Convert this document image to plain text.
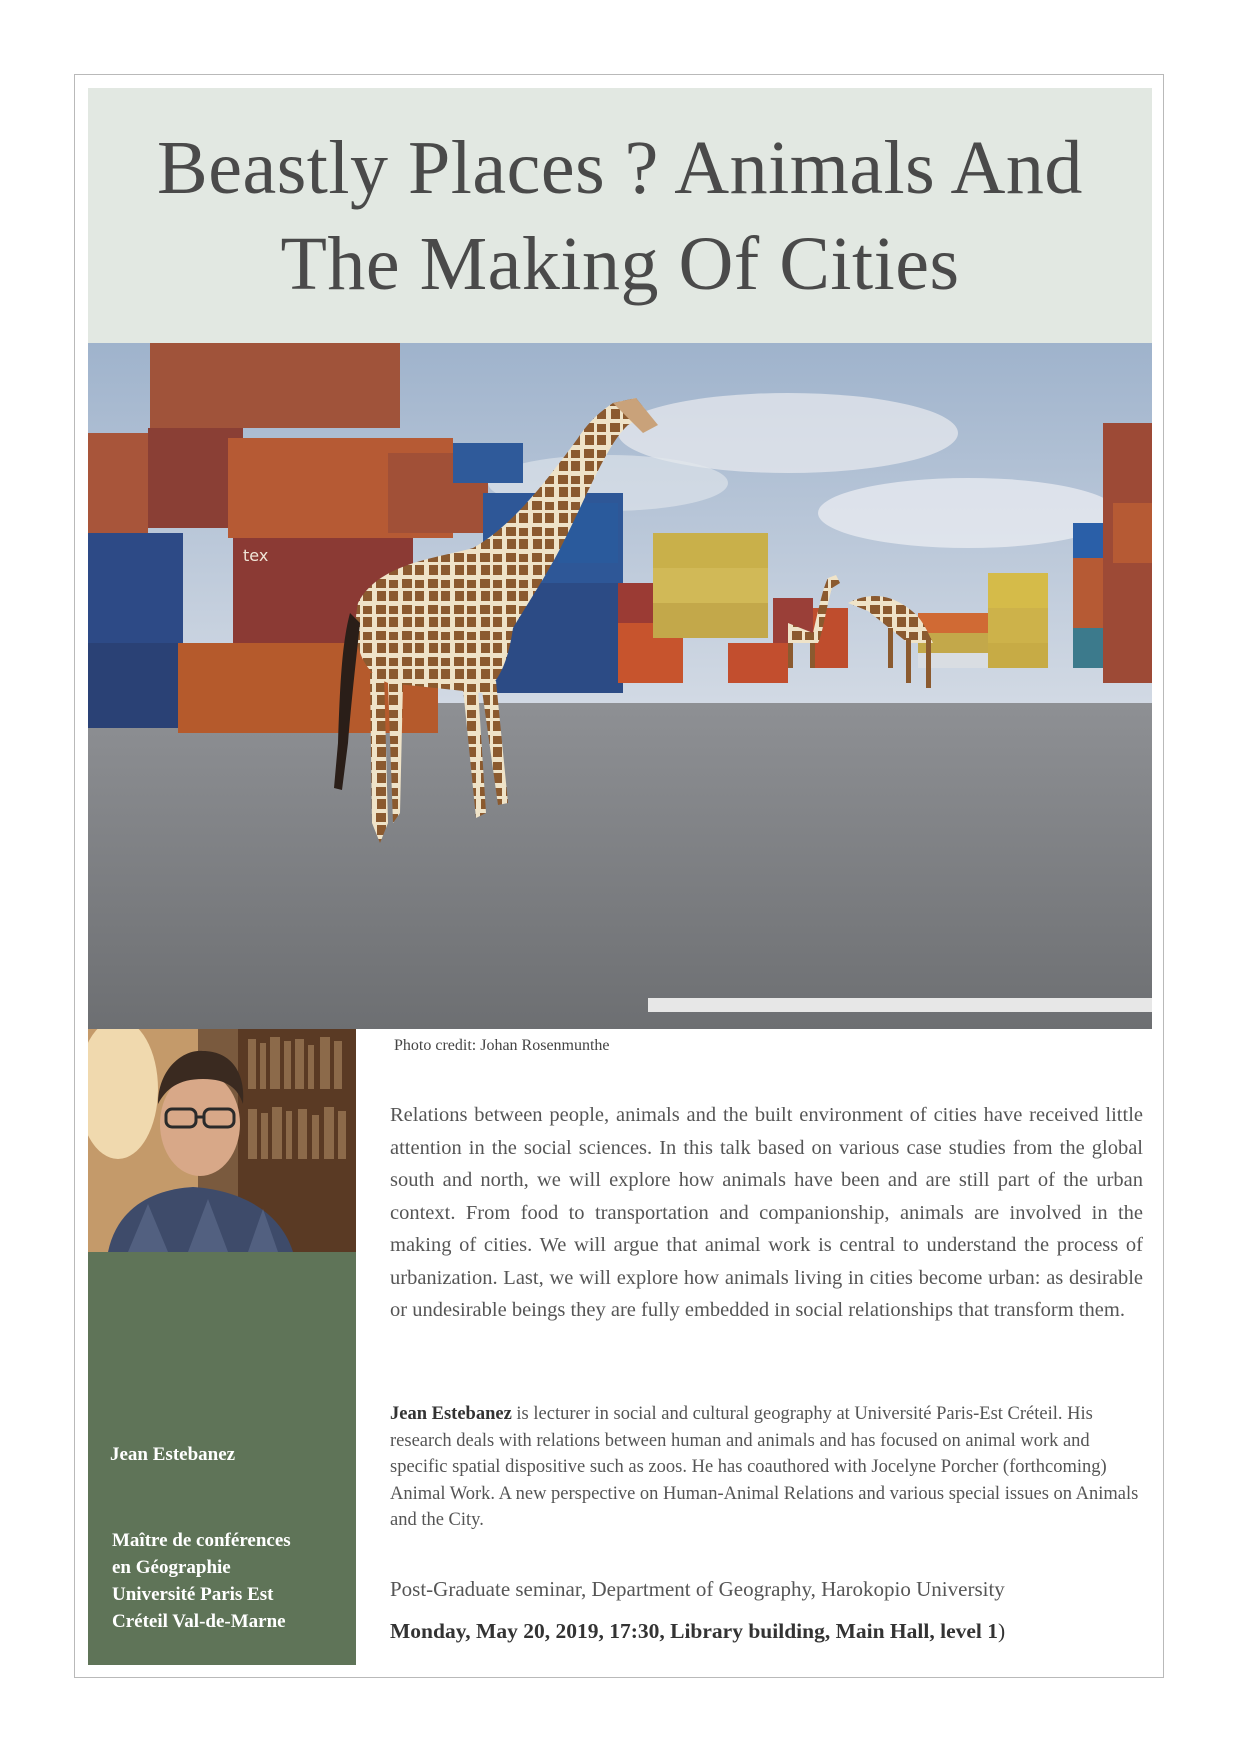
Beastly Places ? Animals And The Making Of Cities
tex
Jean Estebanez
Maître de conférences
en Géographie
Université Paris Est
Créteil Val-de-Marne
Photo credit: Johan Rosenmunthe
Relations between people, animals and the built environment of cities have received little attention in the social sciences. In this talk based on various case studies from the global south and north, we will explore how animals have been and are still part of the urban context. From food to transportation and companionship, animals are involved in the making of cities. We will argue that animal work is central to understand the process of urbanization. Last, we will explore how animals living in cities become urban: as desirable or undesirable beings they are fully embedded in social relationships that transform them.
Jean Estebanez is lecturer in social and cultural geography at Université Paris-Est Créteil. His research deals with relations between human and animals and has focused on animal work and specific spatial dispositive such as zoos. He has coauthored with Jocelyne Porcher (forthcoming) Animal Work. A new perspective on Human-Animal Relations and various special issues on Animals and the City.
Post-Graduate seminar, Department of Geography, Harokopio University
Monday, May 20, 2019, 17:30, Library building, Main Hall, level 1)
